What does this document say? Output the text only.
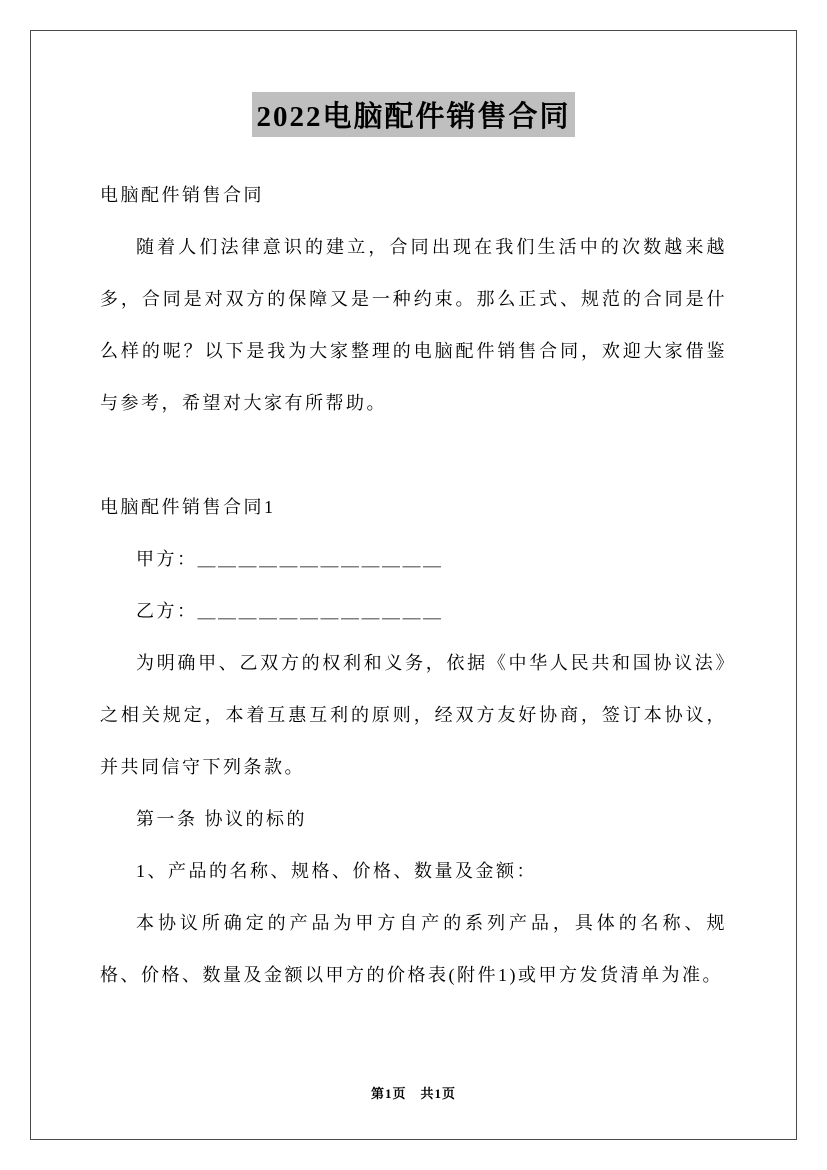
2022电脑配件销售合同

电脑配件销售合同

随着人们法律意识的建立，合同出现在我们生活中的次数越来越多，合同是对双方的保障又是一种约束。那么正式、规范的合同是什么样的呢？以下是我为大家整理的电脑配件销售合同，欢迎大家借鉴与参考，希望对大家有所帮助。

电脑配件销售合同1

甲方：＿＿＿＿＿＿＿＿＿＿＿＿

乙方：＿＿＿＿＿＿＿＿＿＿＿＿

为明确甲、乙双方的权利和义务，依据《中华人民共和国协议法》之相关规定，本着互惠互利的原则，经双方友好协商，签订本协议，并共同信守下列条款。

第一条 协议的标的

1、产品的名称、规格、价格、数量及金额：

本协议所确定的产品为甲方自产的系列产品，具体的名称、规格、价格、数量及金额以甲方的价格表(附件1)或甲方发货清单为准。

第1页 共1页
